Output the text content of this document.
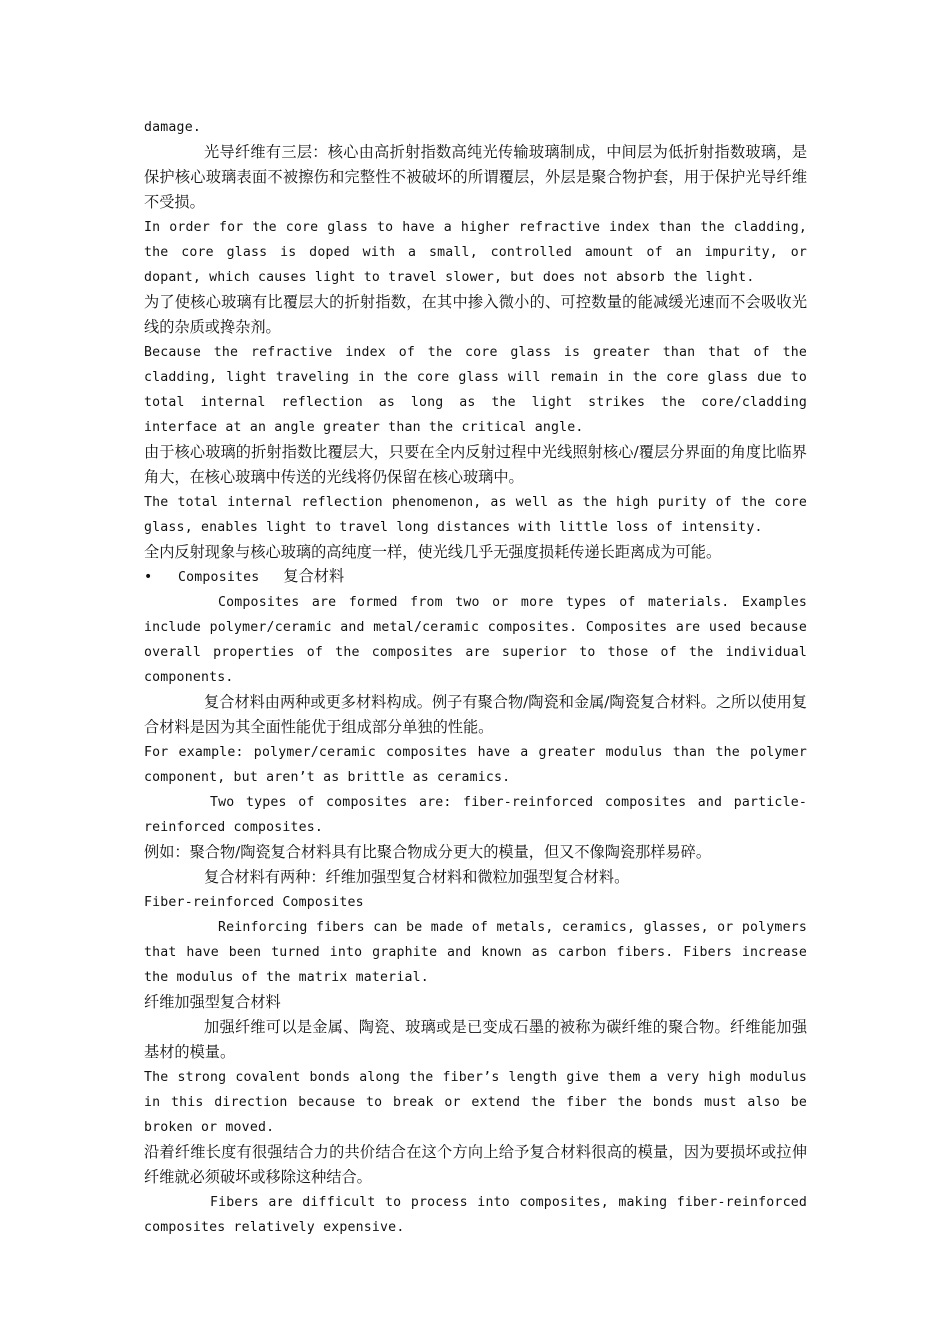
damage.

光导纤维有三层：核心由高折射指数高纯光传输玻璃制成，中间层为低折射指数玻璃，是保护核心玻璃表面不被擦伤和完整性不被破坏的所谓覆层，外层是聚合物护套，用于保护光导纤维不受损。

In order for the core glass to have a higher refractive index than the cladding, the core glass is doped with a small, controlled amount of an impurity, or dopant, which causes light to travel slower, but does not absorb the light.

为了使核心玻璃有比覆层大的折射指数，在其中掺入微小的、可控数量的能减缓光速而不会吸收光线的杂质或搀杂剂。

Because the refractive index of the core glass is greater than that of the cladding, light traveling in the core glass will remain in the core glass due to total internal reflection as long as the light strikes the core/cladding interface at an angle greater than the critical angle.

由于核心玻璃的折射指数比覆层大，只要在全内反射过程中光线照射核心/覆层分界面的角度比临界角大，在核心玻璃中传送的光线将仍保留在核心玻璃中。

The total internal reflection phenomenon, as well as the high purity of the core glass, enables light to travel long distances with little loss of intensity.

全内反射现象与核心玻璃的高纯度一样，使光线几乎无强度损耗传递长距离成为可能。

•	Composites 复合材料

Composites are formed from two or more types of materials. Examples include polymer/ceramic and metal/ceramic composites. Composites are used because overall properties of the composites are superior to those of the individual components.

复合材料由两种或更多材料构成。例子有聚合物/陶瓷和金属/陶瓷复合材料。之所以使用复合材料是因为其全面性能优于组成部分单独的性能。

For example: polymer/ceramic composites have a greater modulus than the polymer component, but aren’t as brittle as ceramics.

Two types of composites are: fiber-reinforced composites and particle-reinforced composites.

例如：聚合物/陶瓷复合材料具有比聚合物成分更大的模量，但又不像陶瓷那样易碎。

复合材料有两种：纤维加强型复合材料和微粒加强型复合材料。

Fiber-reinforced Composites

Reinforcing fibers can be made of metals, ceramics, glasses, or polymers that have been turned into graphite and known as carbon fibers. Fibers increase the modulus of the matrix material.

纤维加强型复合材料

加强纤维可以是金属、陶瓷、玻璃或是已变成石墨的被称为碳纤维的聚合物。纤维能加强基材的模量。

The strong covalent bonds along the fiber’s length give them a very high modulus in this direction because to break or extend the fiber the bonds must also be broken or moved.

沿着纤维长度有很强结合力的共价结合在这个方向上给予复合材料很高的模量，因为要损坏或拉伸纤维就必须破坏或移除这种结合。

Fibers are difficult to process into composites, making fiber-reinforced composites relatively expensive.
